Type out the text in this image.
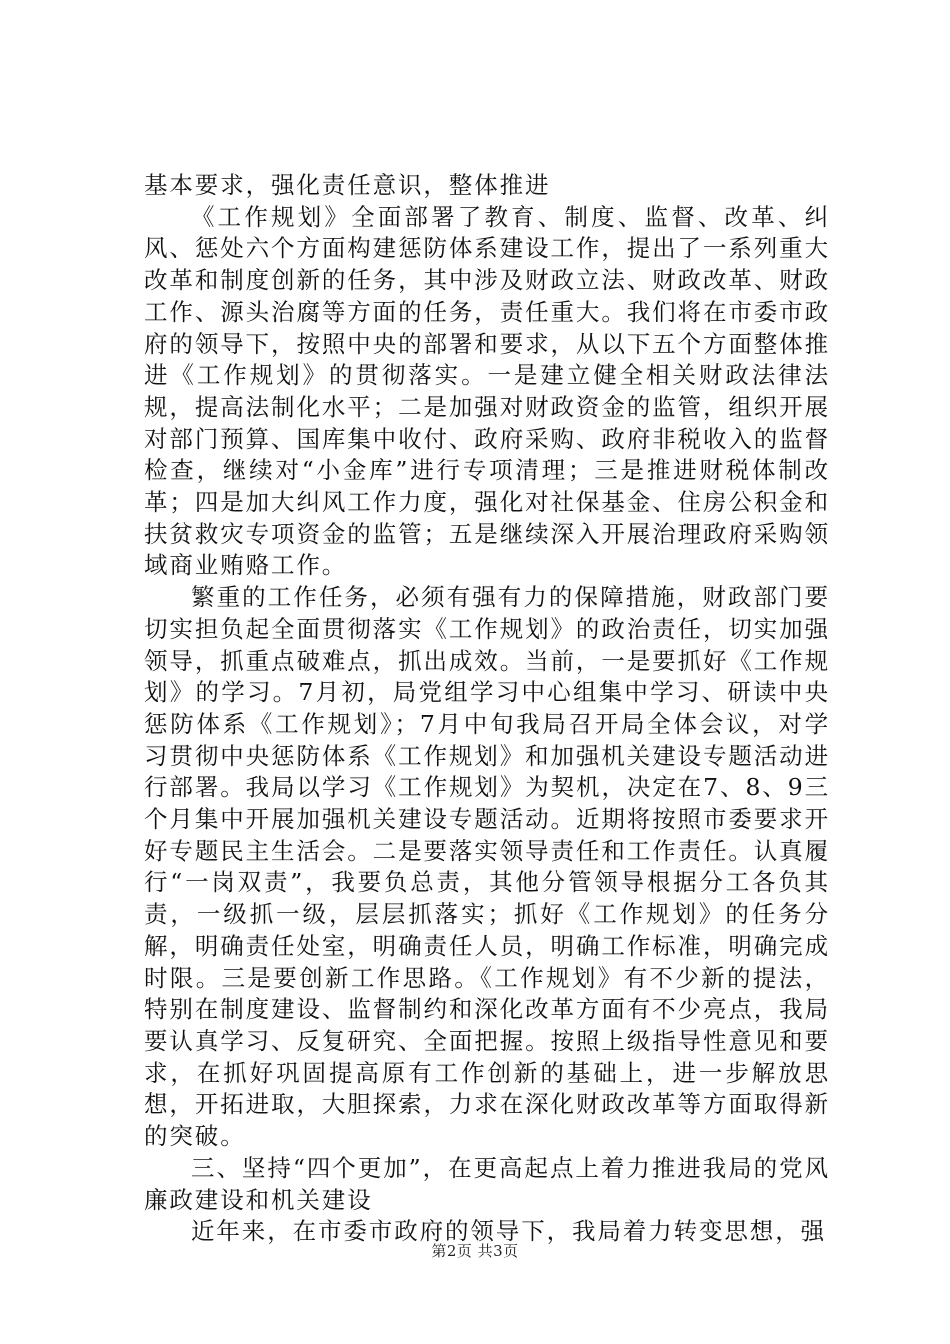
基本要求，强化责任意识，整体推进

《工作规划》全面部署了教育、制度、监督、改革、纠风、惩处六个方面构建惩防体系建设工作，提出了一系列重大改革和制度创新的任务，其中涉及财政立法、财政改革、财政工作、源头治腐等方面的任务，责任重大。我们将在市委市政府的领导下，按照中央的部署和要求，从以下五个方面整体推进《工作规划》的贯彻落实。一是建立健全相关财政法律法规，提高法制化水平；二是加强对财政资金的监管，组织开展对部门预算、国库集中收付、政府采购、政府非税收入的监督检查，继续对“小金库”进行专项清理；三是推进财税体制改革；四是加大纠风工作力度，强化对社保基金、住房公积金和扶贫救灾专项资金的监管；五是继续深入开展治理政府采购领域商业贿赂工作。

繁重的工作任务，必须有强有力的保障措施，财政部门要切实担负起全面贯彻落实《工作规划》的政治责任，切实加强领导，抓重点破难点，抓出成效。当前，一是要抓好《工作规划》的学习。7月初，局党组学习中心组集中学习、研读中央惩防体系《工作规划》；7月中旬我局召开局全体会议，对学习贯彻中央惩防体系《工作规划》和加强机关建设专题活动进行部署。我局以学习《工作规划》为契机，决定在7、8、9三个月集中开展加强机关建设专题活动。近期将按照市委要求开好专题民主生活会。二是要落实领导责任和工作责任。认真履行“一岗双责”，我要负总责，其他分管领导根据分工各负其责，一级抓一级，层层抓落实；抓好《工作规划》的任务分解，明确责任处室，明确责任人员，明确工作标准，明确完成时限。三是要创新工作思路。《工作规划》有不少新的提法，特别在制度建设、监督制约和深化改革方面有不少亮点，我局要认真学习、反复研究、全面把握。按照上级指导性意见和要求，在抓好巩固提高原有工作创新的基础上，进一步解放思想，开拓进取，大胆探索，力求在深化财政改革等方面取得新的突破。

三、坚持“四个更加”，在更高起点上着力推进我局的党风廉政建设和机关建设

近年来，在市委市政府的领导下，我局着力转变思想，强

第2页 共3页
